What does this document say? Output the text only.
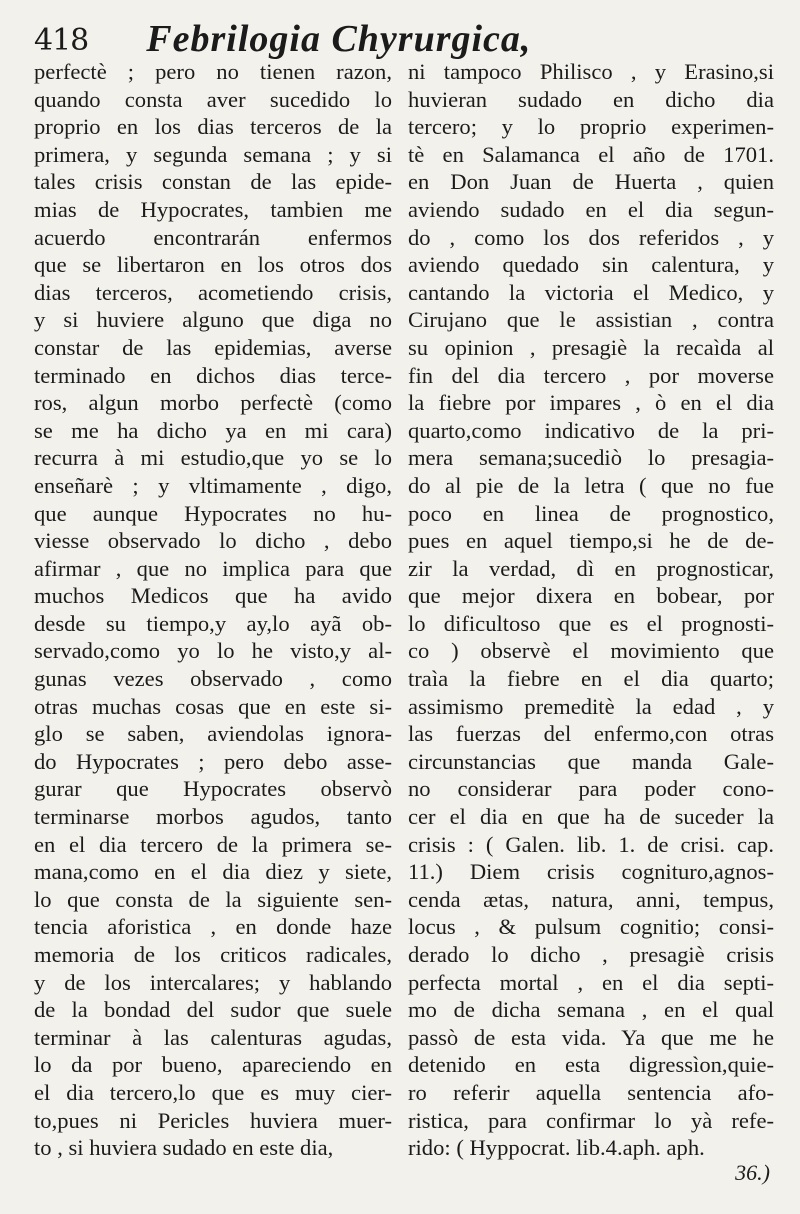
418 Febrilogia Chyrurgica,
perfectè ; pero no tienen razon,
quando consta aver sucedido lo
proprio en los dias terceros de la
primera, y segunda semana ; y si
tales crisis constan de las epide-
mias de Hypocrates, tambien me
acuerdo encontrarán enfermos
que se libertaron en los otros dos
dias terceros, acometiendo crisis,
y si huviere alguno que diga no
constar de las epidemias, averse
terminado en dichos dias terce-
ros, algun morbo perfectè (como
se me ha dicho ya en mi cara)
recurra à mi estudio,que yo se lo
enseñarè ; y vltimamente , digo,
que aunque Hypocrates no hu-
viesse observado lo dicho , debo
afirmar , que no implica para que
muchos Medicos que ha avido
desde su tiempo,y ay,lo ayã ob-
servado,como yo lo he visto,y al-
gunas vezes observado , como
otras muchas cosas que en este si-
glo se saben, aviendolas ignora-
do Hypocrates ; pero debo asse-
gurar que Hypocrates observò
terminarse morbos agudos, tanto
en el dia tercero de la primera se-
mana,como en el dia diez y siete,
lo que consta de la siguiente sen-
tencia aforistica , en donde haze
memoria de los criticos radicales,
y de los intercalares; y hablando
de la bondad del sudor que suele
terminar à las calenturas agudas,
lo da por bueno, apareciendo en
el dia tercero,lo que es muy cier-
to,pues ni Pericles huviera muer-
to , si huviera sudado en este dia,
ni tampoco Philisco , y Erasino,si
huvieran sudado en dicho dia
tercero; y lo proprio experimen-
tè en Salamanca el año de 1701.
en Don Juan de Huerta , quien
aviendo sudado en el dia segun-
do , como los dos referidos , y
aviendo quedado sin calentura, y
cantando la victoria el Medico, y
Cirujano que le assistian , contra
su opinion , presagiè la recaìda al
fin del dia tercero , por moverse
la fiebre por impares , ò en el dia
quarto,como indicativo de la pri-
mera semana;sucediò lo presagia-
do al pie de la letra ( que no fue
poco en linea de prognostico,
pues en aquel tiempo,si he de de-
zir la verdad, dì en prognosticar,
que mejor dixera en bobear, por
lo dificultoso que es el prognosti-
co ) observè el movimiento que
traìa la fiebre en el dia quarto;
assimismo premeditè la edad , y
las fuerzas del enfermo,con otras
circunstancias que manda Gale-
no considerar para poder cono-
cer el dia en que ha de suceder la
crisis : ( Galen. lib. 1. de crisi. cap.
11.) Diem crisis cognituro,agnos-
cenda ætas, natura, anni, tempus,
locus , & pulsum cognitio; consi-
derado lo dicho , presagiè crisis
perfecta mortal , en el dia septi-
mo de dicha semana , en el qual
passò de esta vida. Ya que me he
detenido en esta digressìon,quie-
ro referir aquella sentencia afo-
ristica, para confirmar lo yà refe-
rido: ( Hyppocrat. lib.4.aph. aph.
36.)
